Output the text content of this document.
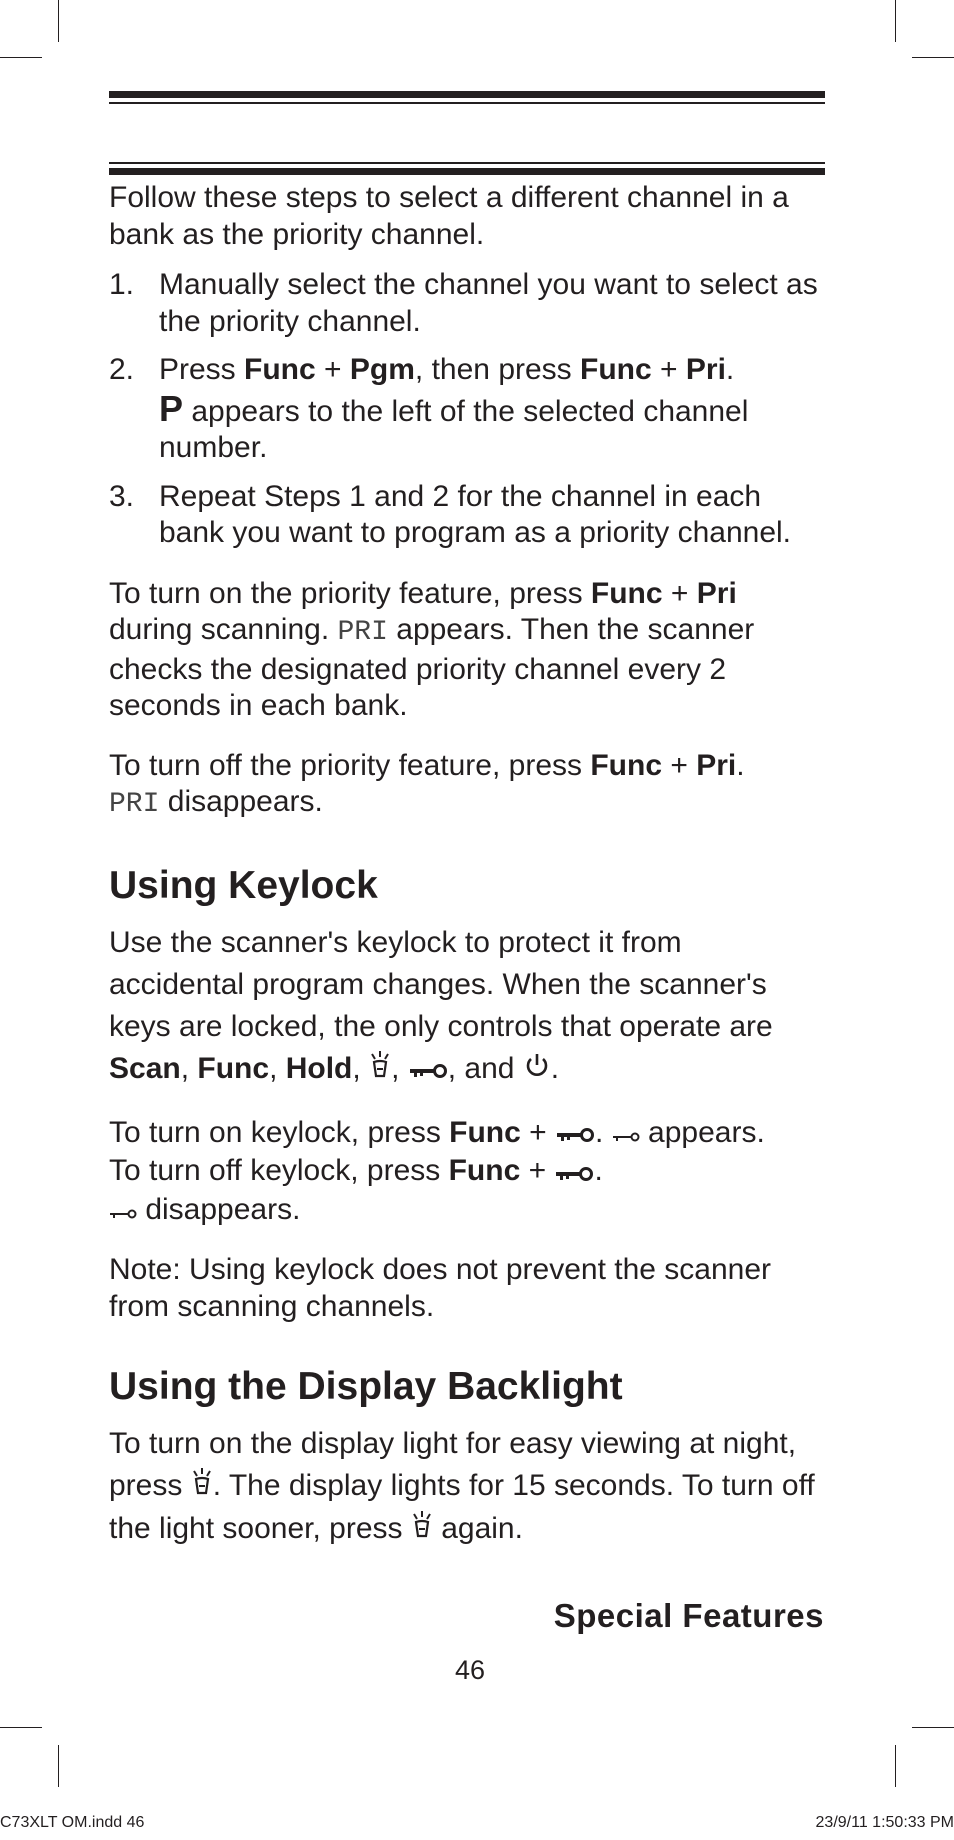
Follow these steps to select a different channel in a bank as the priority channel.

1. Manually select the channel you want to select as the priority channel.
2. Press Func + Pgm, then press Func + Pri.
P appears to the left of the selected channel number.
3. Repeat Steps 1 and 2 for the channel in each bank you want to program as a priority channel.

To turn on the priority feature, press Func + Pri during scanning. PRI appears. Then the scanner checks the designated priority channel every 2 seconds in each bank.

To turn off the priority feature, press Func + Pri.
PRI disappears.

Using Keylock

Use the scanner's keylock to protect it from accidental program changes. When the scanner's keys are locked, the only controls that operate are Scan, Func, Hold, , , and .

To turn on keylock, press Func + .  appears.
To turn off keylock, press Func + .
disappears.

Note: Using keylock does not prevent the scanner from scanning channels.

Using the Display Backlight

To turn on the display light for easy viewing at night, press . The display lights for 15 seconds. To turn off the light sooner, press  again.

Special Features
46
C73XLT OM.indd 46	23/9/11 1:50:33 PM
